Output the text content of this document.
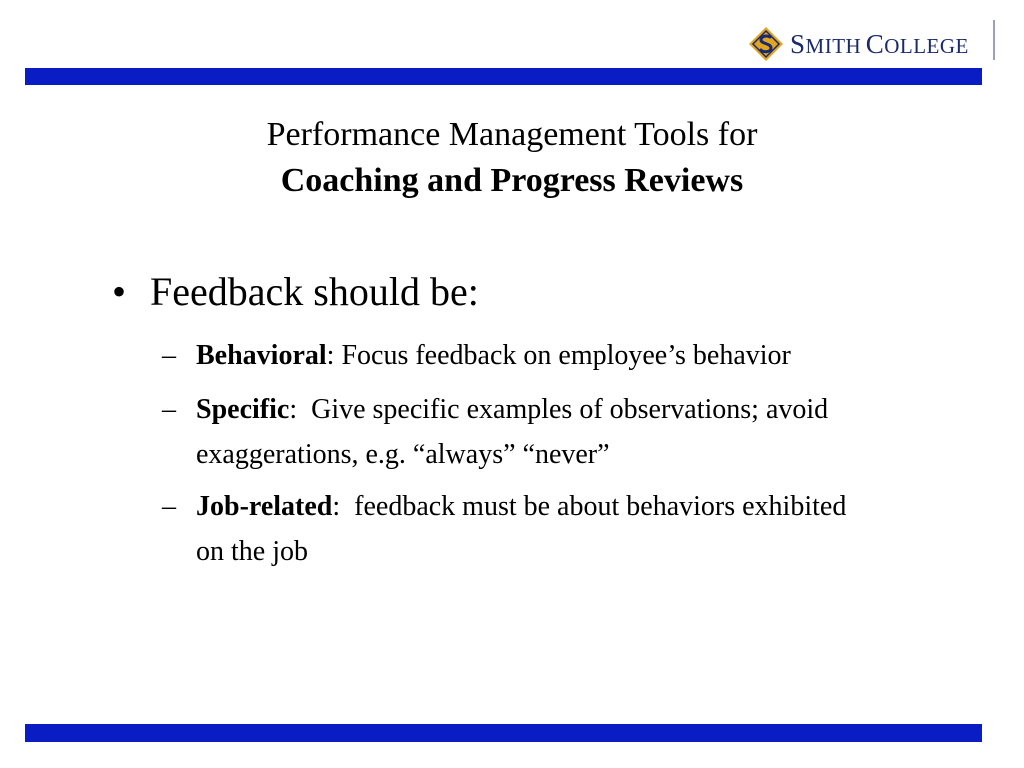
SMITH COLLEGE
Performance Management Tools for
Coaching and Progress Reviews
• Feedback should be:
– Behavioral: Focus feedback on employee’s behavior
– Specific:  Give specific examples of observations; avoid exaggerations, e.g. “always” “never”
– Job-related:  feedback must be about behaviors exhibited on the job
